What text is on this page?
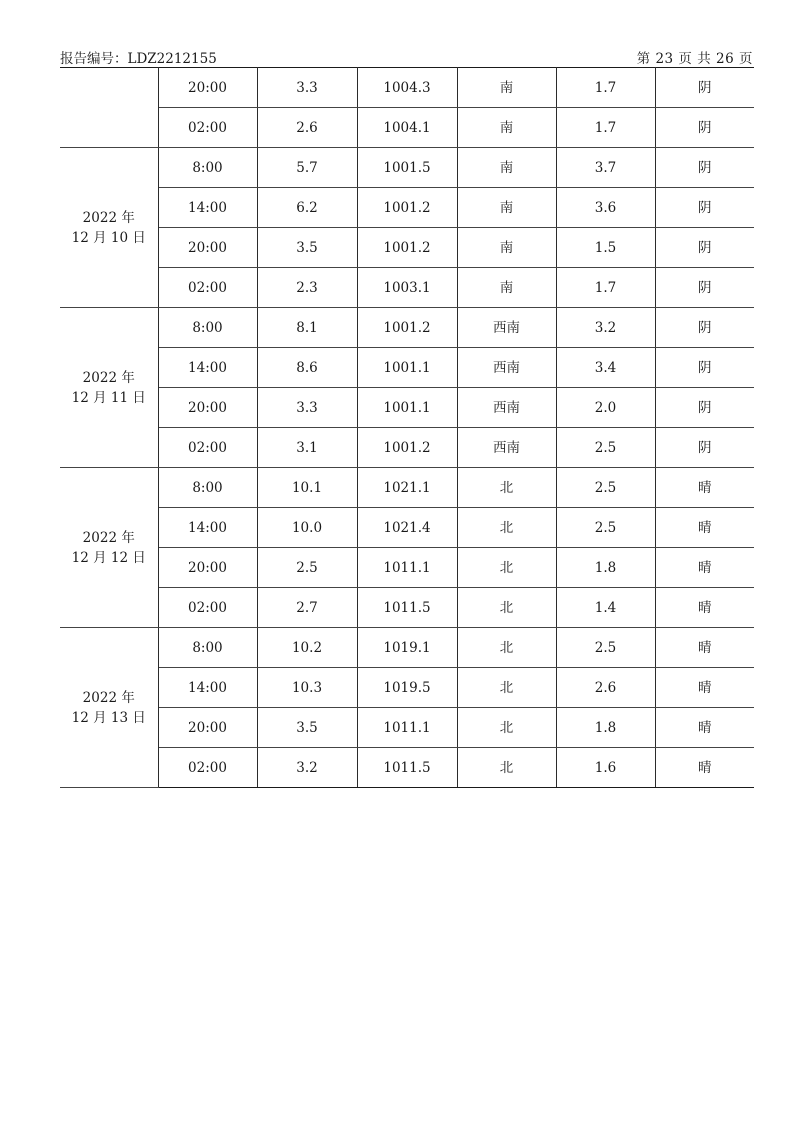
报告编号：LDZ2212155	第 23 页 共 26 页
	20:00	3.3	1004.3	南	1.7	阴
	02:00	2.6	1004.1	南	1.7	阴

2022 年
12 月 10 日	8:00	5.7	1001.5	南	3.7	阴
	14:00	6.2	1001.2	南	3.6	阴
	20:00	3.5	1001.2	南	1.5	阴
	02:00	2.3	1003.1	南	1.7	阴

2022 年
12 月 11 日	8:00	8.1	1001.2	西南	3.2	阴
	14:00	8.6	1001.1	西南	3.4	阴
	20:00	3.3	1001.1	西南	2.0	阴
	02:00	3.1	1001.2	西南	2.5	阴

2022 年
12 月 12 日	8:00	10.1	1021.1	北	2.5	晴
	14:00	10.0	1021.4	北	2.5	晴
	20:00	2.5	1011.1	北	1.8	晴
	02:00	2.7	1011.5	北	1.4	晴

2022 年
12 月 13 日	8:00	10.2	1019.1	北	2.5	晴
	14:00	10.3	1019.5	北	2.6	晴
	20:00	3.5	1011.1	北	1.8	晴
	02:00	3.2	1011.5	北	1.6	晴
